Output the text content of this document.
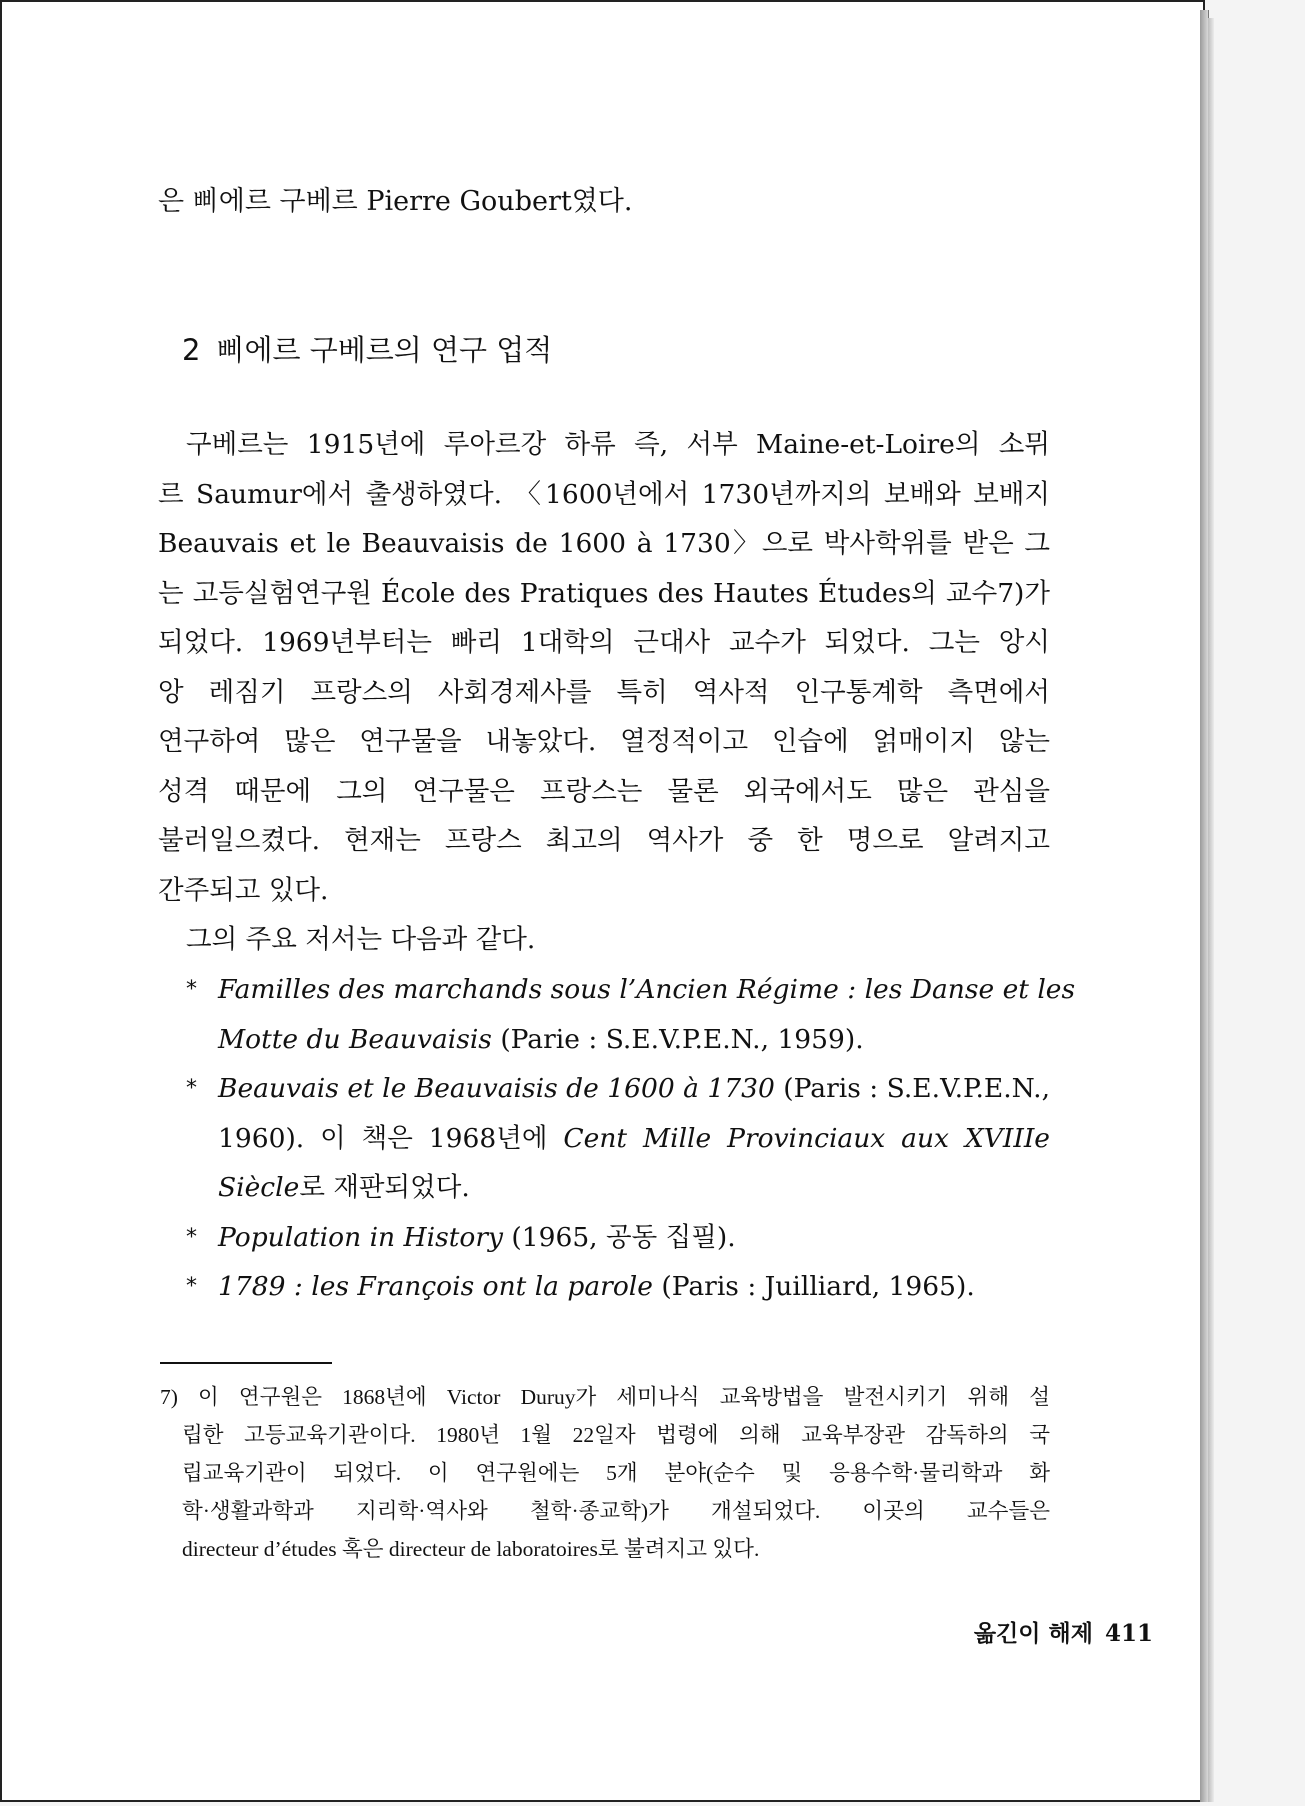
은 삐에르 구베르 Pierre Goubert였다.
2 삐에르 구베르의 연구 업적
구베르는 1915년에 루아르강 하류 즉, 서부 Maine-et-Loire의 소뮈
르 Saumur에서 출생하였다. 〈1600년에서 1730년까지의 보배와 보배지
Beauvais et le Beauvaisis de 1600 à 1730〉으로 박사학위를 받은 그
는 고등실험연구원 École des Pratiques des Hautes Études의 교수7)가
되었다. 1969년부터는 빠리 1대학의 근대사 교수가 되었다. 그는 앙시
앙 레짐기 프랑스의 사회경제사를 특히 역사적 인구통계학 측면에서
연구하여 많은 연구물을 내놓았다. 열정적이고 인습에 얽매이지 않는
성격 때문에 그의 연구물은 프랑스는 물론 외국에서도 많은 관심을
불러일으켰다. 현재는 프랑스 최고의 역사가 중 한 명으로 알려지고
간주되고 있다.
그의 주요 저서는 다음과 같다.
* Familles des marchands sous l’Ancien Régime : les Danse et les
Motte du Beauvaisis (Parie : S.E.V.P.E.N., 1959).
* Beauvais et le Beauvaisis de 1600 à 1730 (Paris : S.E.V.P.E.N.,
1960). 이 책은 1968년에 Cent Mille Provinciaux aux XVIIIe
Siècle로 재판되었다.
* Population in History (1965, 공동 집필).
* 1789 : les François ont la parole (Paris : Juilliard, 1965).
7) 이 연구원은 1868년에 Victor Duruy가 세미나식 교육방법을 발전시키기 위해 설
립한 고등교육기관이다. 1980년 1월 22일자 법령에 의해 교육부장관 감독하의 국
립교육기관이 되었다. 이 연구원에는 5개 분야(순수 및 응용수학·물리학과 화
학·생활과학과 지리학·역사와 철학·종교학)가 개설되었다. 이곳의 교수들은
directeur d’études 혹은 directeur de laboratoires로 불려지고 있다.
옮긴이 해제 411
